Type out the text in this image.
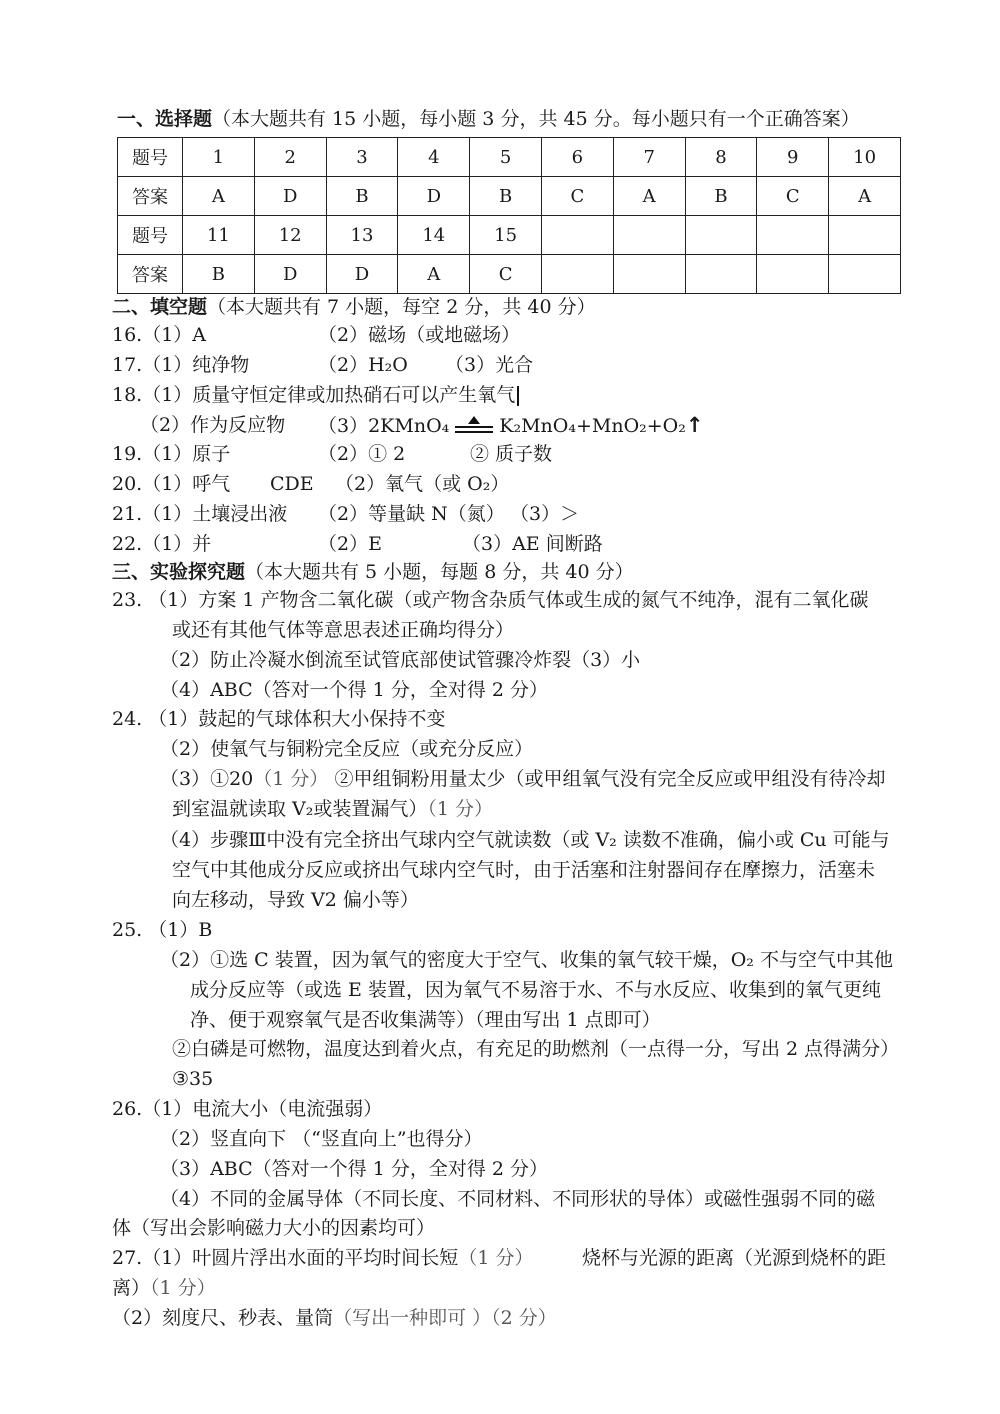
一、选择题（本大题共有 15 小题，每小题 3 分，共 45 分。每小题只有一个正确答案）
题号	1	2	3	4	5	6	7	8	9	10
答案	A	D	B	D	B	C	A	B	C	A
题号	11	12	13	14	15					
答案	B	D	D	A	C					
二、填空题（本大题共有 7 小题，每空 2 分，共 40 分）
16.（1）A	（2）磁场（或地磁场）
17.（1）纯净物	（2）H₂O （3）光合
18.（1）质量守恒定律或加热硝石可以产生氧气
（2）作为反应物 （3）2KMnO₄	K₂MnO₄+MnO₂+O₂↑
19.（1）原子	（2）① 2	② 质子数
20.（1）呼气 CDE （2）氧气（或 O₂）
21.（1）土壤浸出液 （2）等量缺 N（氮） （3）＞
22.（1）并	（2）E	（3）AE 间断路
三、实验探究题（本大题共有 5 小题，每题 8 分，共 40 分）
23. （1）方案 1 产物含二氧化碳（或产物含杂质气体或生成的氮气不纯净，混有二氧化碳
或还有其他气体等意思表述正确均得分）
（2）防止冷凝水倒流至试管底部使试管骤冷炸裂（3）小
（4）ABC（答对一个得 1 分，全对得 2 分）
24. （1）鼓起的气球体积大小保持不变
（2）使氧气与铜粉完全反应（或充分反应）
（3）①20（1 分） ②甲组铜粉用量太少（或甲组氧气没有完全反应或甲组没有待冷却
到室温就读取 V₂或装置漏气）（1 分）
（4）步骤Ⅲ中没有完全挤出气球内空气就读数（或 V₂ 读数不准确，偏小或 Cu 可能与
空气中其他成分反应或挤出气球内空气时，由于活塞和注射器间存在摩擦力，活塞未
向左移动，导致 V2 偏小等）
25. （1）B
（2）①选 C 装置，因为氧气的密度大于空气、收集的氧气较干燥，O₂ 不与空气中其他
成分反应等（或选 E 装置，因为氧气不易溶于水、不与水反应、收集到的氧气更纯
净、便于观察氧气是否收集满等）（理由写出 1 点即可）
②白磷是可燃物，温度达到着火点，有充足的助燃剂（一点得一分，写出 2 点得满分）
③35
26.（1）电流大小（电流强弱）
（2）竖直向下 （“竖直向上”也得分）
（3）ABC（答对一个得 1 分，全对得 2 分）
（4）不同的金属导体（不同长度、不同材料、不同形状的导体）或磁性强弱不同的磁
体（写出会影响磁力大小的因素均可）
27.（1）叶圆片浮出水面的平均时间长短（1 分）	烧杯与光源的距离（光源到烧杯的距
离）（1 分）
（2）刻度尺、秒表、量筒（写出一种即可 ）（2 分）
